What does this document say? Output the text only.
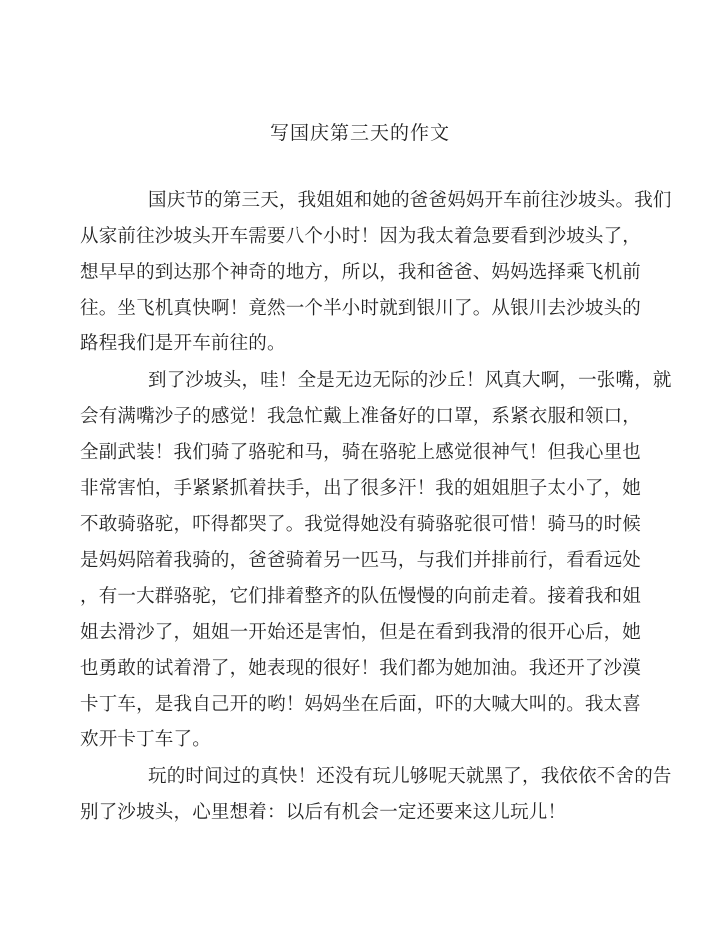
写国庆第三天的作文
国庆节的第三天，我姐姐和她的爸爸妈妈开车前往沙坡头。我们
从家前往沙坡头开车需要八个小时！因为我太着急要看到沙坡头了，
想早早的到达那个神奇的地方，所以，我和爸爸、妈妈选择乘飞机前
往。坐飞机真快啊！竟然一个半小时就到银川了。从银川去沙坡头的
路程我们是开车前往的。
到了沙坡头，哇！全是无边无际的沙丘！风真大啊，一张嘴，就
会有满嘴沙子的感觉！我急忙戴上准备好的口罩，系紧衣服和领口，
全副武装！我们骑了骆驼和马，骑在骆驼上感觉很神气！但我心里也
非常害怕，手紧紧抓着扶手，出了很多汗！我的姐姐胆子太小了，她
不敢骑骆驼，吓得都哭了。我觉得她没有骑骆驼很可惜！骑马的时候
是妈妈陪着我骑的，爸爸骑着另一匹马，与我们并排前行，看看远处
，有一大群骆驼，它们排着整齐的队伍慢慢的向前走着。接着我和姐
姐去滑沙了，姐姐一开始还是害怕，但是在看到我滑的很开心后，她
也勇敢的试着滑了，她表现的很好！我们都为她加油。我还开了沙漠
卡丁车，是我自己开的哟！妈妈坐在后面，吓的大喊大叫的。我太喜
欢开卡丁车了。
玩的时间过的真快！还没有玩儿够呢天就黑了，我依依不舍的告
别了沙坡头，心里想着：以后有机会一定还要来这儿玩儿！
